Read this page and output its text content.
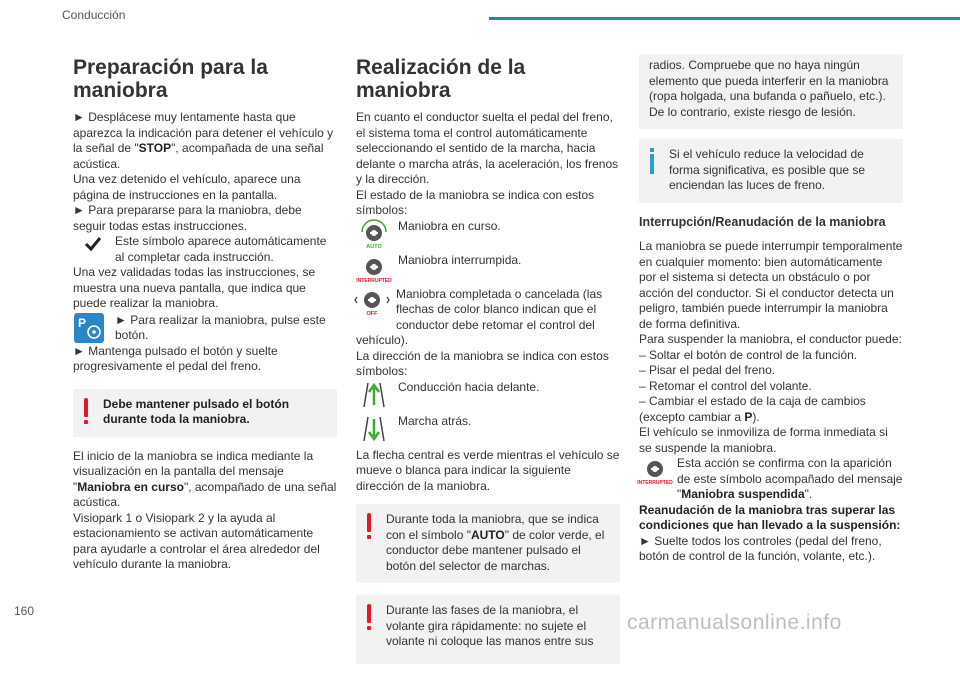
Conducción
Preparación para la maniobra

► Desplácese muy lentamente hasta que aparezca la indicación para detener el vehículo y la señal de "STOP", acompañada de una señal acústica.

Una vez detenido el vehículo, aparece una página de instrucciones en la pantalla.

► Para prepararse para la maniobra, debe seguir todas estas instrucciones.

Este símbolo aparece automáticamente al completar cada instrucción.

Una vez validadas todas las instrucciones, se muestra una nueva pantalla, que indica que puede realizar la maniobra.

P ► Para realizar la maniobra, pulse este botón.

► Mantenga pulsado el botón y suelte progresivamente el pedal del freno.

Debe mantener pulsado el botón durante toda la maniobra.

El inicio de la maniobra se indica mediante la visualización en la pantalla del mensaje "Maniobra en curso", acompañado de una señal acústica.

Visiopark 1 o Visiopark 2 y la ayuda al estacionamiento se activan automáticamente para ayudarle a controlar el área alrededor del vehículo durante la maniobra.

Realización de la maniobra

En cuanto el conductor suelta el pedal del freno, el sistema toma el control automáticamente seleccionando el sentido de la marcha, hacia delante o marcha atrás, la aceleración, los frenos y la dirección.

El estado de la maniobra se indica con estos símbolos:

AUTO
Maniobra en curso.
INTERRUPTED
Maniobra interrumpida.
OFF
Maniobra completada o cancelada (las flechas de color blanco indican que el conductor debe retomar el control del vehículo).

La dirección de la maniobra se indica con estos símbolos:

Conducción hacia delante.
Marcha atrás.

La flecha central es verde mientras el vehículo se mueve o blanca para indicar la siguiente dirección de la maniobra.

Durante toda la maniobra, que se indica con el símbolo "AUTO" de color verde, el conductor debe mantener pulsado el botón del selector de marchas.
Durante las fases de la maniobra, el volante gira rápidamente: no sujete el volante ni coloque las manos entre sus
radios. Compruebe que no haya ningún elemento que pueda interferir en la maniobra (ropa holgada, una bufanda o pañuelo, etc.). De lo contrario, existe riesgo de lesión.
Si el vehículo reduce la velocidad de forma significativa, es posible que se enciendan las luces de freno.
Interrupción/Reanudación de la maniobra

La maniobra se puede interrumpir temporalmente en cualquier momento: bien automáticamente por el sistema si detecta un obstáculo o por acción del conductor. Si el conductor detecta un peligro, también puede interrumpir la maniobra de forma definitiva.

Para suspender la maniobra, el conductor puede:

– Soltar el botón de control de la función.

– Pisar el pedal del freno.

– Retomar el control del volante.

– Cambiar el estado de la caja de cambios (excepto cambiar a P).

El vehículo se inmoviliza de forma inmediata si se suspende la maniobra.

INTERRUPTED
Esta acción se confirma con la aparición de este símbolo acompañado del mensaje "Maniobra suspendida".

Reanudación de la maniobra tras superar las condiciones que han llevado a la suspensión:

► Suelte todos los controles (pedal del freno, botón de control de la función, volante, etc.).

160	carmanualsonline.info
